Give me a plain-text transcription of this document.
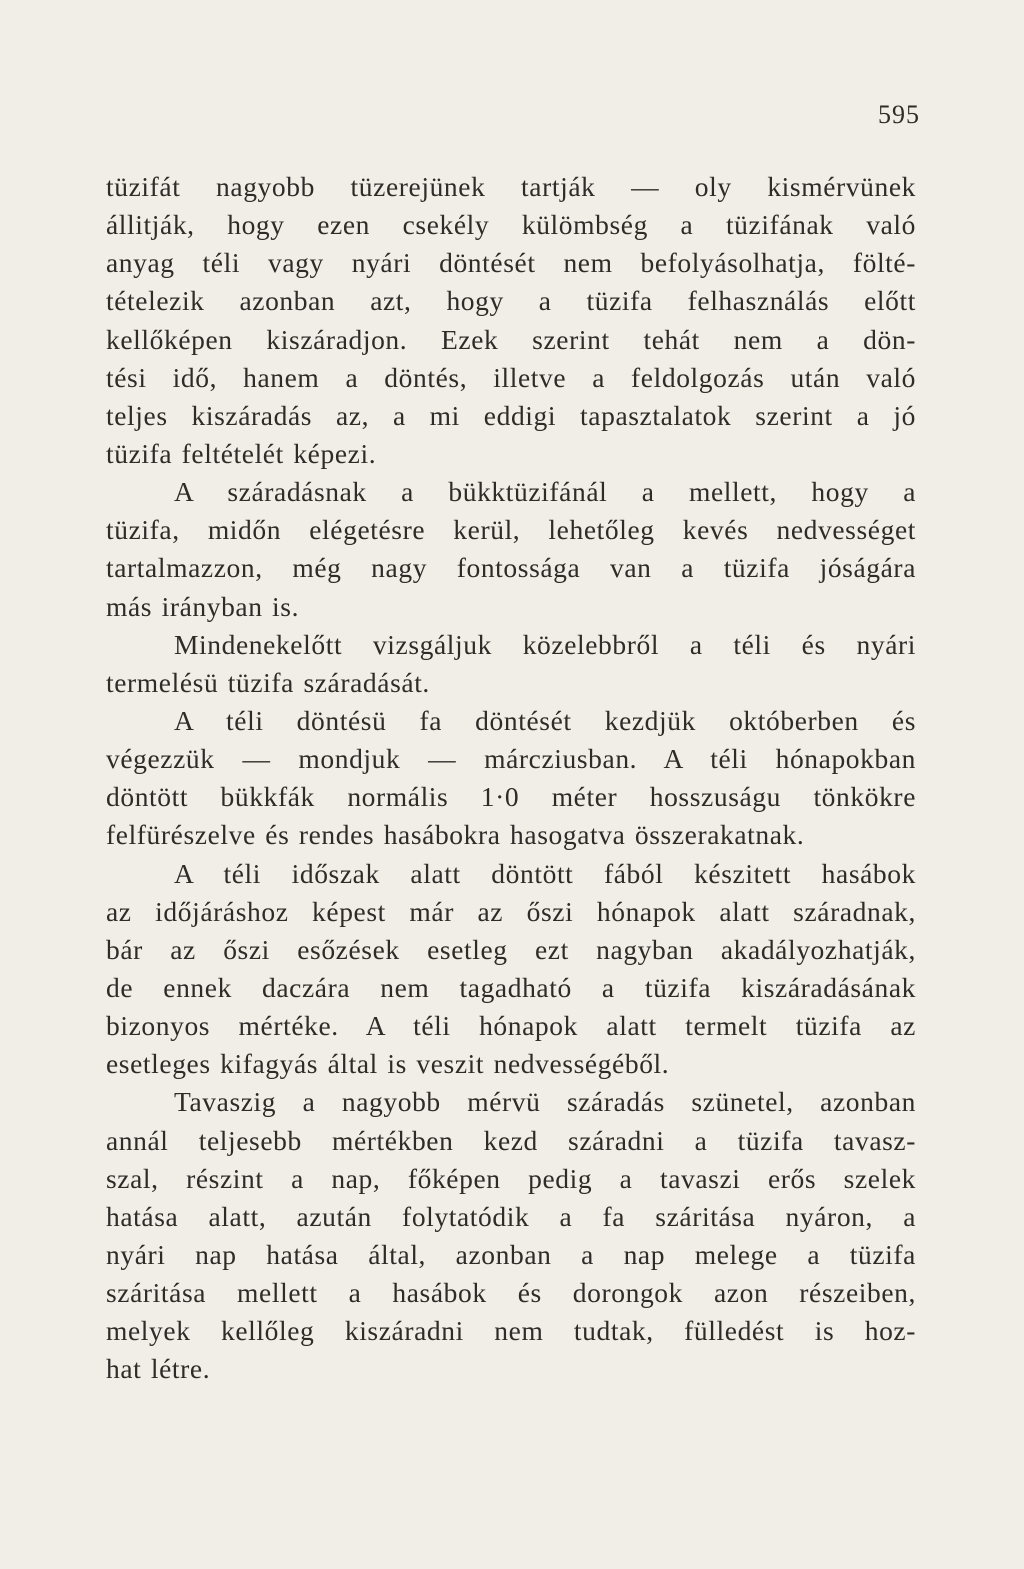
595
tüzifát nagyobb tüzerejünek tartják — oly kismérvünek
állitják, hogy ezen csekély külömbség a tüzifának való
anyag téli vagy nyári döntését nem befolyásolhatja, fölté-
tételezik azonban azt, hogy a tüzifa felhasználás előtt
kellőképen kiszáradjon. Ezek szerint tehát nem a dön-
tési idő, hanem a döntés, illetve a feldolgozás után való
teljes kiszáradás az, a mi eddigi tapasztalatok szerint a jó
tüzifa feltételét képezi.
A száradásnak a bükktüzifánál a mellett, hogy a
tüzifa, midőn elégetésre kerül, lehetőleg kevés nedvességet
tartalmazzon, még nagy fontossága van a tüzifa jóságára
más irányban is.
Mindenekelőtt vizsgáljuk közelebbről a téli és nyári
termelésü tüzifa száradását.
A téli döntésü fa döntését kezdjük októberben és
végezzük — mondjuk — márcziusban. A téli hónapokban
döntött bükkfák normális 1·0 méter hosszuságu tönkökre
felfürészelve és rendes hasábokra hasogatva összerakatnak.
A téli időszak alatt döntött fából készitett hasábok
az időjáráshoz képest már az őszi hónapok alatt száradnak,
bár az őszi esőzések esetleg ezt nagyban akadályozhatják,
de ennek daczára nem tagadható a tüzifa kiszáradásának
bizonyos mértéke. A téli hónapok alatt termelt tüzifa az
esetleges kifagyás által is veszit nedvességéből.
Tavaszig a nagyobb mérvü száradás szünetel, azonban
annál teljesebb mértékben kezd száradni a tüzifa tavasz-
szal, részint a nap, főképen pedig a tavaszi erős szelek
hatása alatt, azután folytatódik a fa száritása nyáron, a
nyári nap hatása által, azonban a nap melege a tüzifa
száritása mellett a hasábok és dorongok azon részeiben,
melyek kellőleg kiszáradni nem tudtak, fülledést is hoz-
hat létre.
